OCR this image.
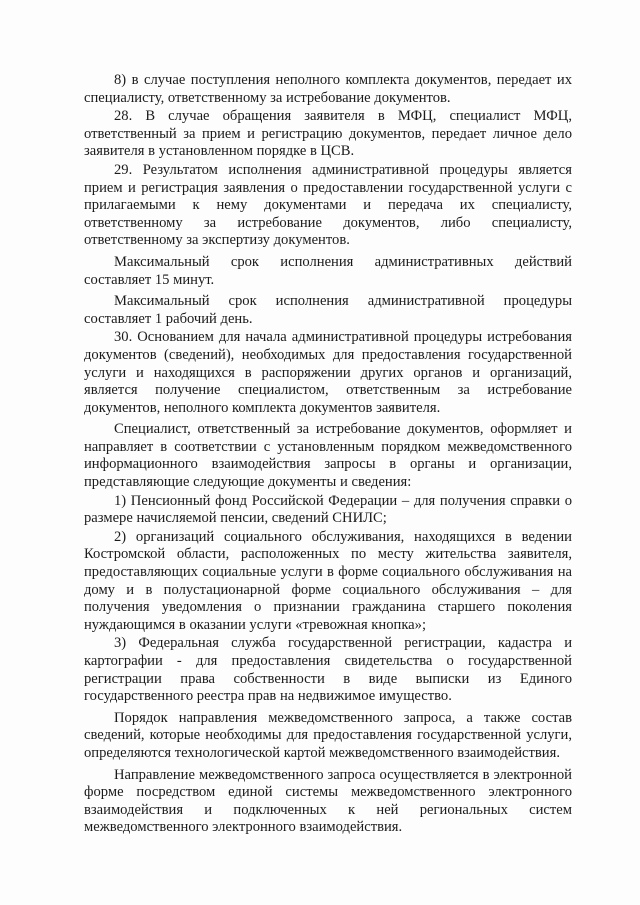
8) в случае поступления неполного комплекта документов, передает их специалисту, ответственному за истребование документов.

28. В случае обращения заявителя в МФЦ, специалист МФЦ, ответственный за прием и регистрацию документов, передает личное дело заявителя в установленном порядке в ЦСВ.

29. Результатом исполнения административной процедуры является прием и регистрация заявления о предоставлении государственной услуги с прилагаемыми к нему документами и передача их специалисту, ответственному за истребование документов, либо специалисту, ответственному за экспертизу документов.

Максимальный срок исполнения административных действий составляет 15 минут.

Максимальный срок исполнения административной процедуры составляет 1 рабочий день.

30. Основанием для начала административной процедуры истребования документов (сведений), необходимых для предоставления государственной услуги и находящихся в распоряжении других органов и организаций, является получение специалистом, ответственным за истребование документов, неполного комплекта документов заявителя.

Специалист, ответственный за истребование документов, оформляет и направляет в соответствии с установленным порядком межведомственного информационного взаимодействия запросы в органы и организации, представляющие следующие документы и сведения:

1) Пенсионный фонд Российской Федерации – для получения справки о размере начисляемой пенсии, сведений СНИЛС;

2) организаций социального обслуживания, находящихся в ведении Костромской области, расположенных по месту жительства заявителя, предоставляющих социальные услуги в форме социального обслуживания на дому и в полустационарной форме социального обслуживания – для получения уведомления о признании гражданина старшего поколения нуждающимся в оказании услуги «тревожная кнопка»;

3) Федеральная служба государственной регистрации, кадастра и картографии - для предоставления свидетельства о государственной регистрации права собственности в виде выписки из Единого государственного реестра прав на недвижимое имущество.

Порядок направления межведомственного запроса, а также состав сведений, которые необходимы для предоставления государственной услуги, определяются технологической картой межведомственного взаимодействия.

Направление межведомственного запроса осуществляется в электронной форме посредством единой системы межведомственного электронного взаимодействия и подключенных к ней региональных систем межведомственного электронного взаимодействия.
